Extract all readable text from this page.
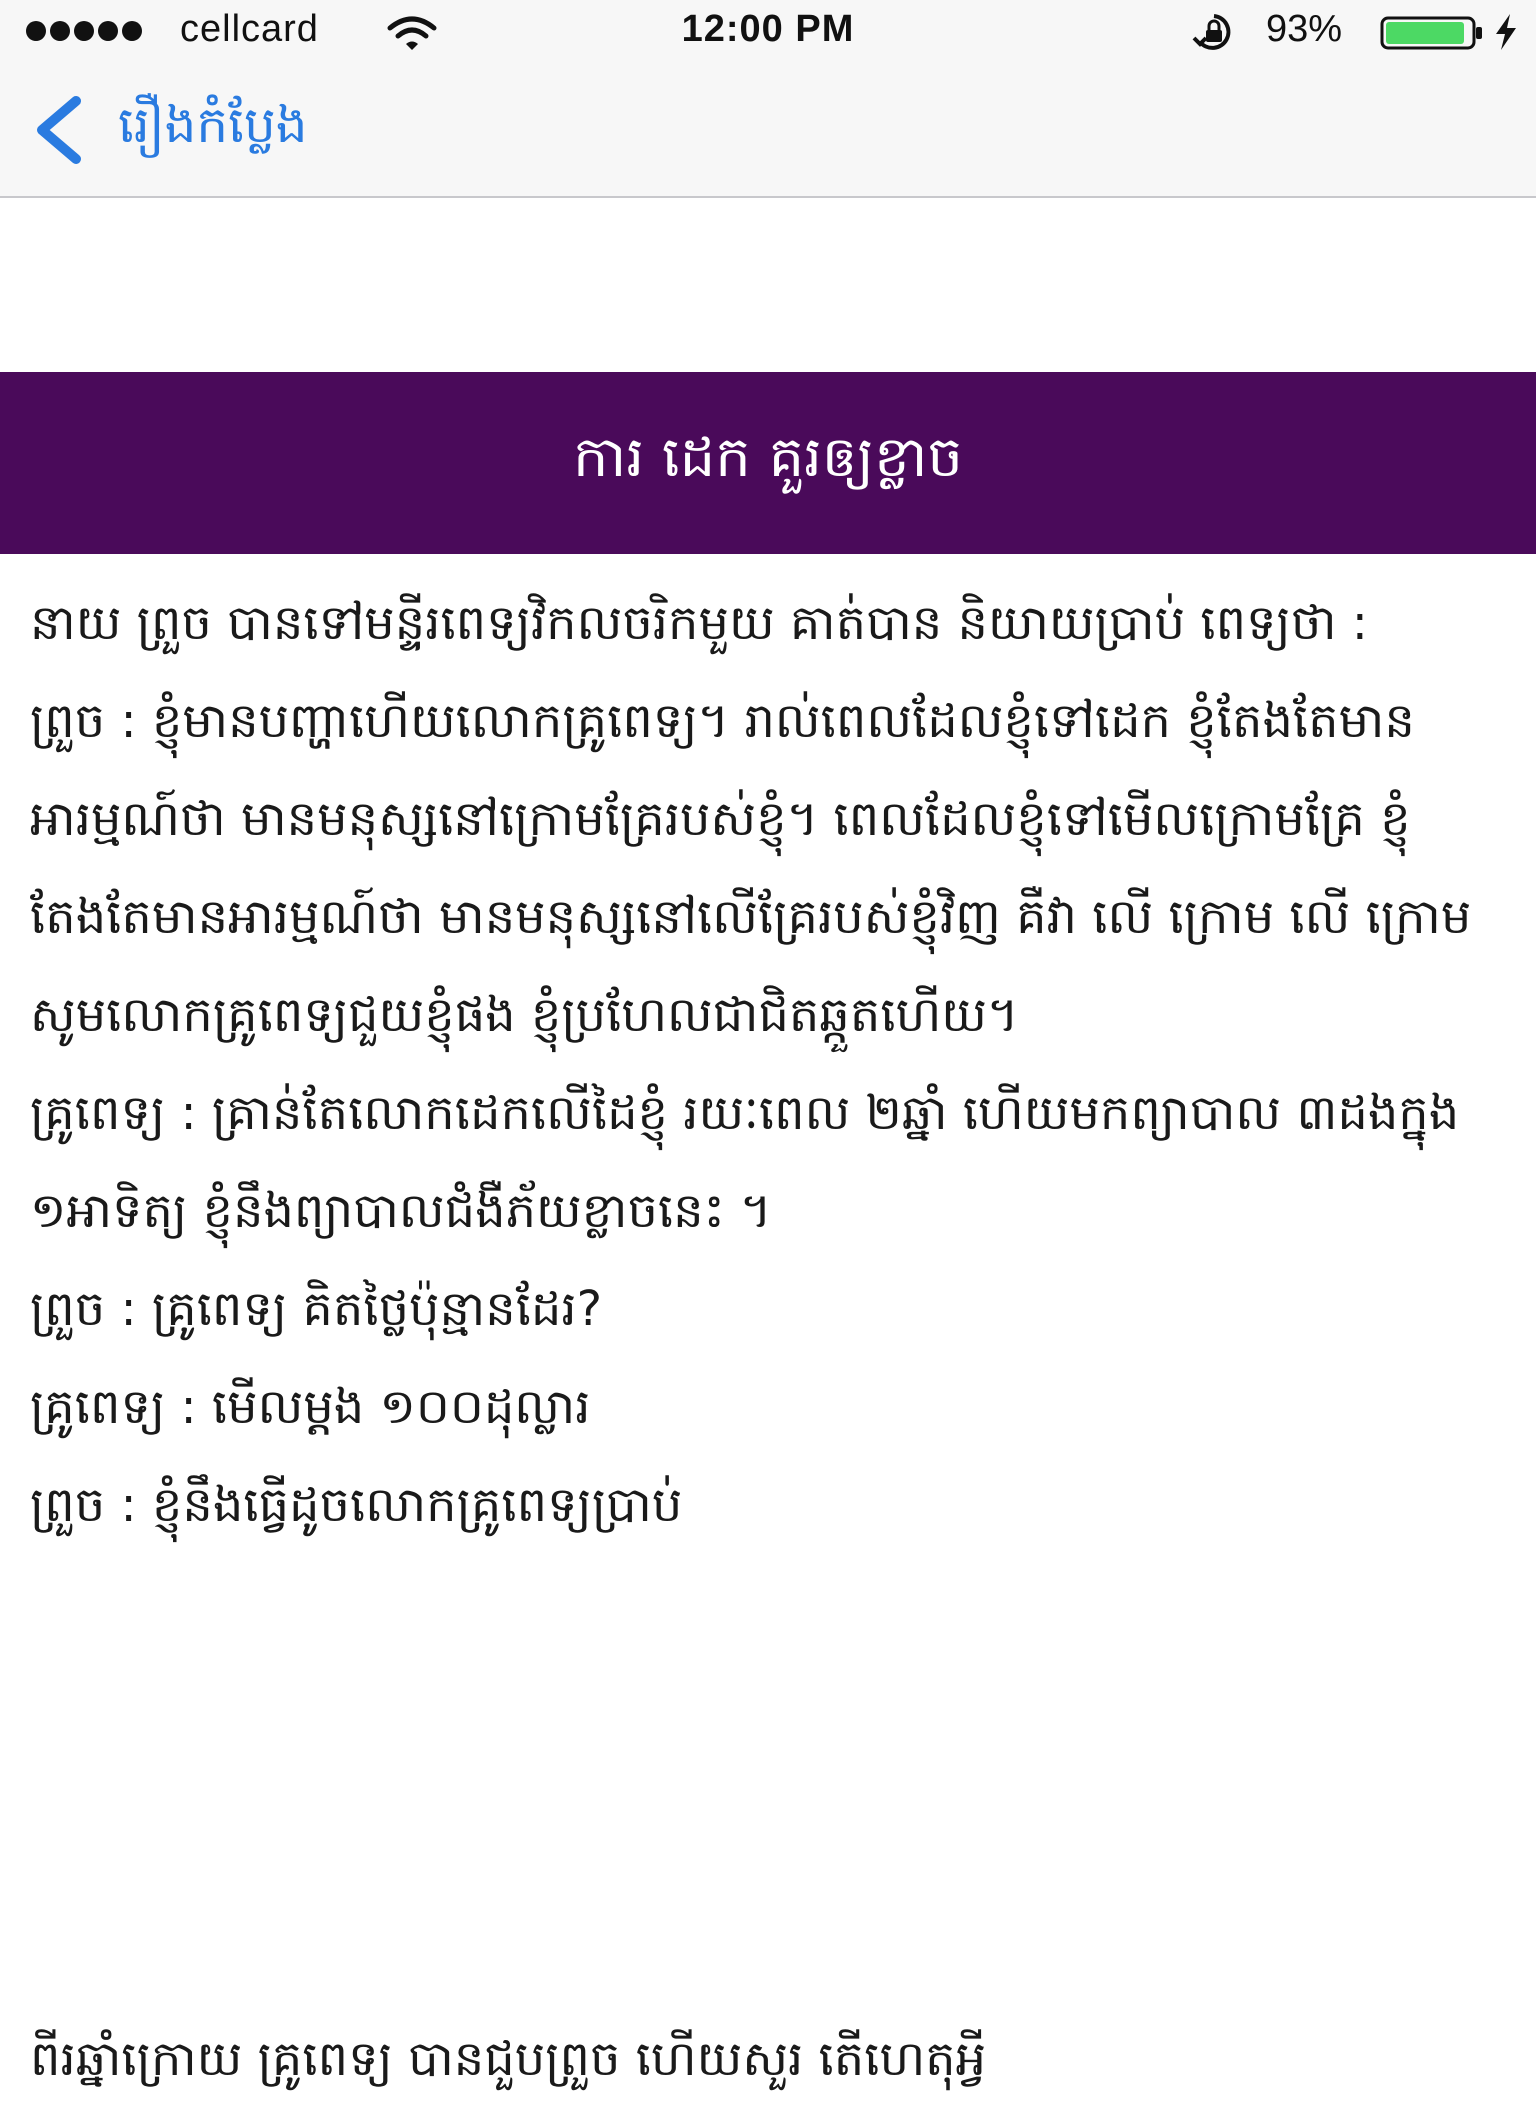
cellcard	12:00 PM	93%
រឿងកំប្លែង
ការ ដេក គួរឲ្យខ្លាច

នាយ ព្រួច បានទៅមន្ទីរពេទ្យវិកលចរិកមួយ គាត់បាន និយាយប្រាប់ ពេទ្យថា :

ព្រួច : ខ្ញុំមានបញ្ហាហើយលោកគ្រូពេទ្យ។ រាល់ពេលដែលខ្ញុំទៅដេក ខ្ញុំតែងតែមានអារម្មណ៍ថា មានមនុស្សនៅក្រោមគ្រែរបស់ខ្ញុំ។ ពេលដែលខ្ញុំទៅមើលក្រោមគ្រែ ខ្ញុំតែងតែមានអារម្មណ៍ថា មានមនុស្សនៅលើគ្រែរបស់ខ្ញុំវិញ គឺវា លើ ក្រោម លើ ក្រោម សូមលោកគ្រូពេទ្យជួយខ្ញុំផង ខ្ញុំប្រហែលជាជិតឆ្កួតហើយ។

គ្រូពេទ្យ : គ្រាន់តែលោកដេកលើដៃខ្ញុំ រយៈពេល ២ឆ្នាំ ហើយមកព្យាបាល ៣ដងក្នុង ១អាទិត្យ ខ្ញុំនឹងព្យាបាលជំងឺភ័យខ្លាចនេះ ។

ព្រួច : គ្រូពេទ្យ គិតថ្លៃប៉ុន្មានដែរ?

គ្រូពេទ្យ : មើលម្តង ១០០ដុល្លារ

ព្រួច : ខ្ញុំនឹងធ្វើដូចលោកគ្រូពេទ្យប្រាប់

ពីរឆ្នាំក្រោយ គ្រូពេទ្យ បានជួបព្រួច ហើយសួរ តើហេតុអ្វី
